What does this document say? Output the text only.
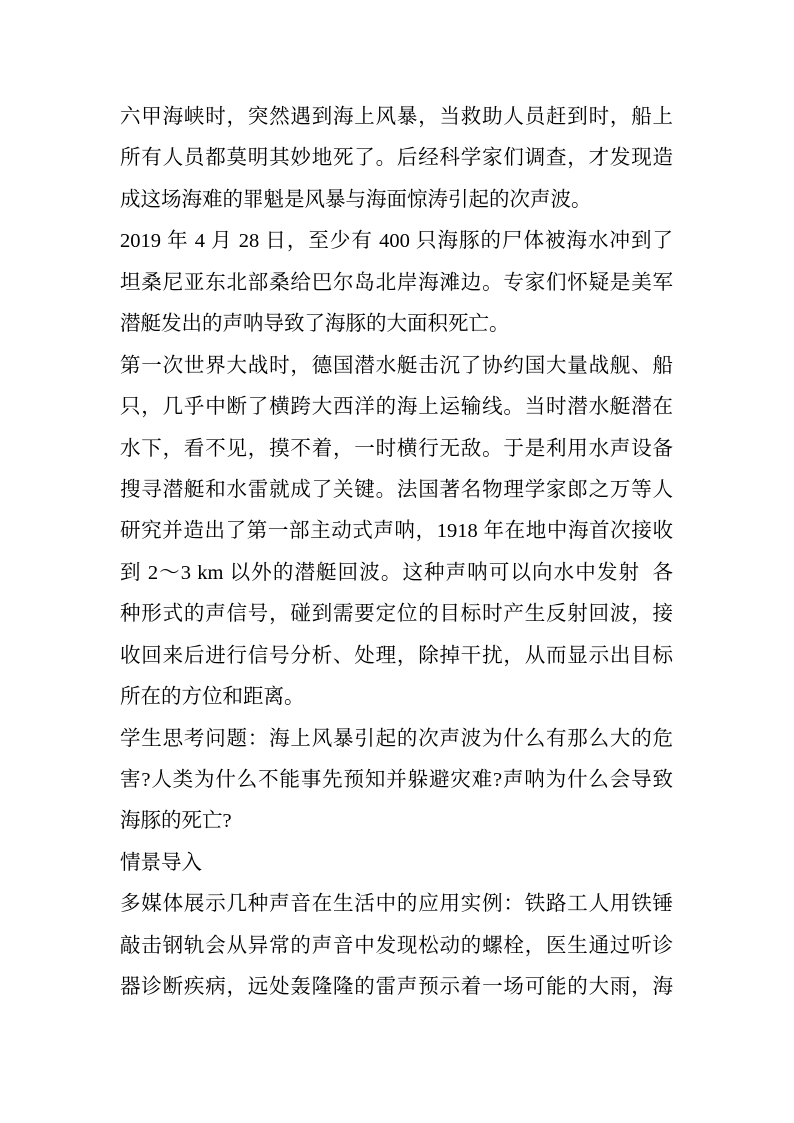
六甲海峡时，突然遇到海上风暴，当救助人员赶到时，船上
所有人员都莫明其妙地死了。后经科学家们调查，才发现造
成这场海难的罪魁是风暴与海面惊涛引起的次声波。
2019 年 4 月 28 日，至少有 400 只海豚的尸体被海水冲到了
坦桑尼亚东北部桑给巴尔岛北岸海滩边。专家们怀疑是美军
潜艇发出的声呐导致了海豚的大面积死亡。
第一次世界大战时，德国潜水艇击沉了协约国大量战舰、船
只，几乎中断了横跨大西洋的海上运输线。当时潜水艇潜在
水下，看不见，摸不着，一时横行无敌。于是利用水声设备
搜寻潜艇和水雷就成了关键。法国著名物理学家郎之万等人
研究并造出了第一部主动式声呐，1918 年在地中海首次接收
到 2～3 km 以外的潜艇回波。这种声呐可以向水中发射  各
种形式的声信号，碰到需要定位的目标时产生反射回波，接
收回来后进行信号分析、处理，除掉干扰，从而显示出目标
所在的方位和距离。
学生思考问题：海上风暴引起的次声波为什么有那么大的危
害?人类为什么不能事先预知并躲避灾难?声呐为什么会导致
海豚的死亡?
情景导入
多媒体展示几种声音在生活中的应用实例：铁路工人用铁锤
敲击钢轨会从异常的声音中发现松动的螺栓，医生通过听诊
器诊断疾病，远处轰隆隆的雷声预示着一场可能的大雨，海
